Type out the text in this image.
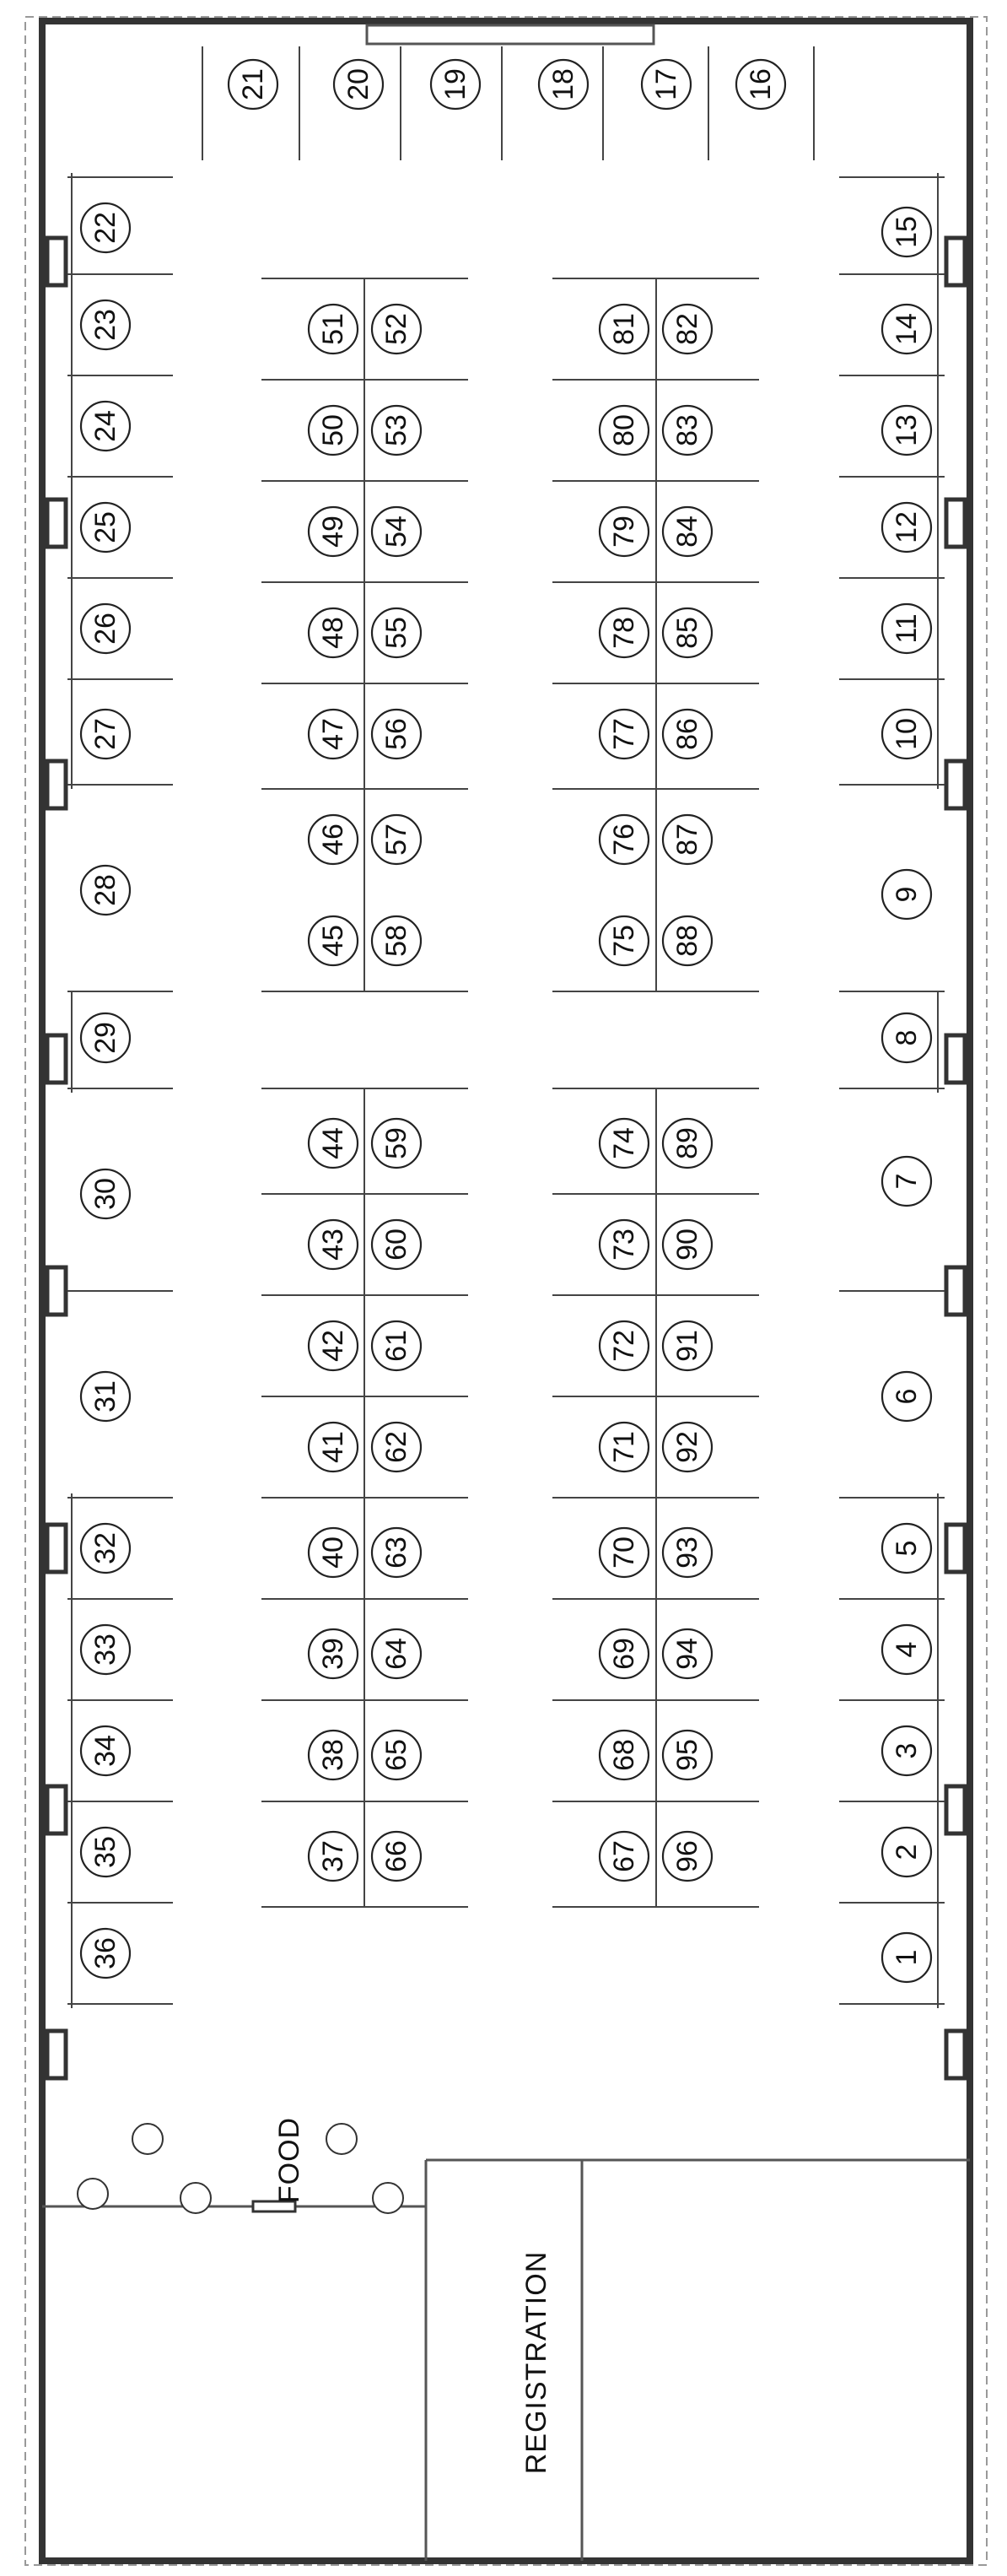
FOOD
REGISTRATION
1
2
3
4
5
6
7
8
9
10
11
12
13
14
15
16
17
18
19
20
21
22
23
24
25
26
27
28
29
30
31
32
33
34
35
36
37
38
39
40
41
42
43
44
45
46
47
48
49
50
51 52
53
54
55
56
57
58
59
60
61
62
63
64
65
66	67
68
69
70
71
72
73
74
75
76
77
78
79
80
81 82
83
84
85
86
87
88
89
90
91
92
93
94
95
96
